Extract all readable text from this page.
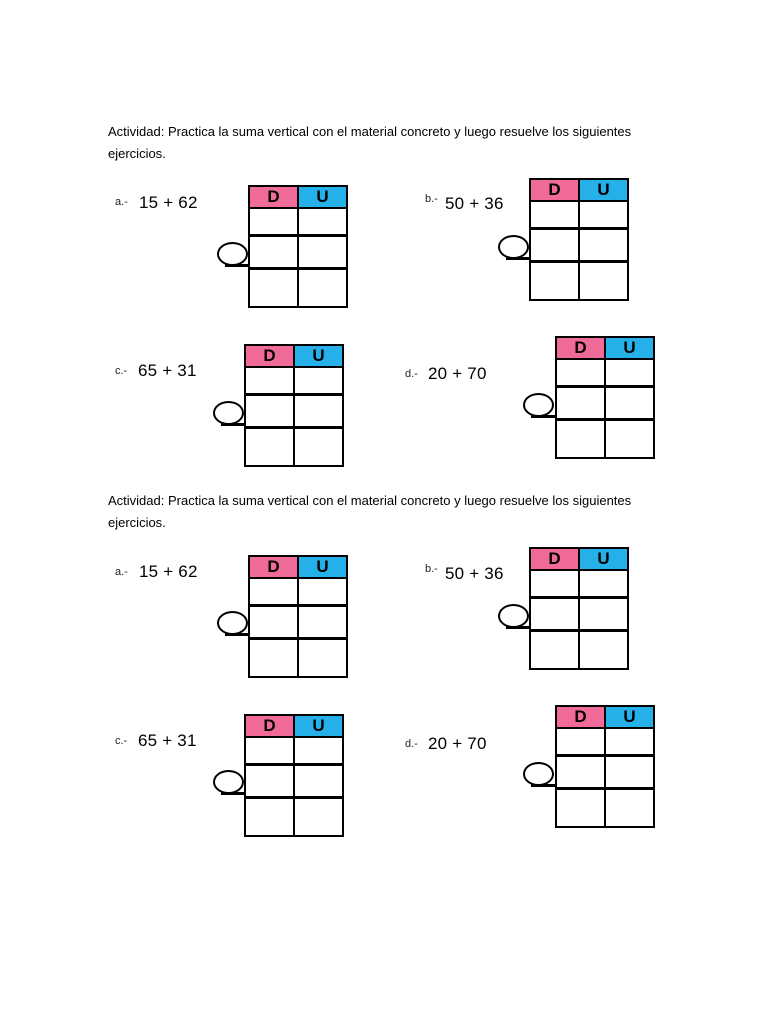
Actividad: Practica la suma vertical con el material concreto y luego resuelve los siguientes ejercicios.

a.- 15 + 62	D	U

		b.- 50 + 36
D	U

c.- 65 + 31
D	U

d.- 20 + 70
D	U

Actividad: Practica la suma vertical con el material concreto y luego resuelve los siguientes ejercicios.

a.- 15 + 62	D	U

		b.- 50 + 36
D	U

c.- 65 + 31
D	U

d.- 20 + 70
D	U
